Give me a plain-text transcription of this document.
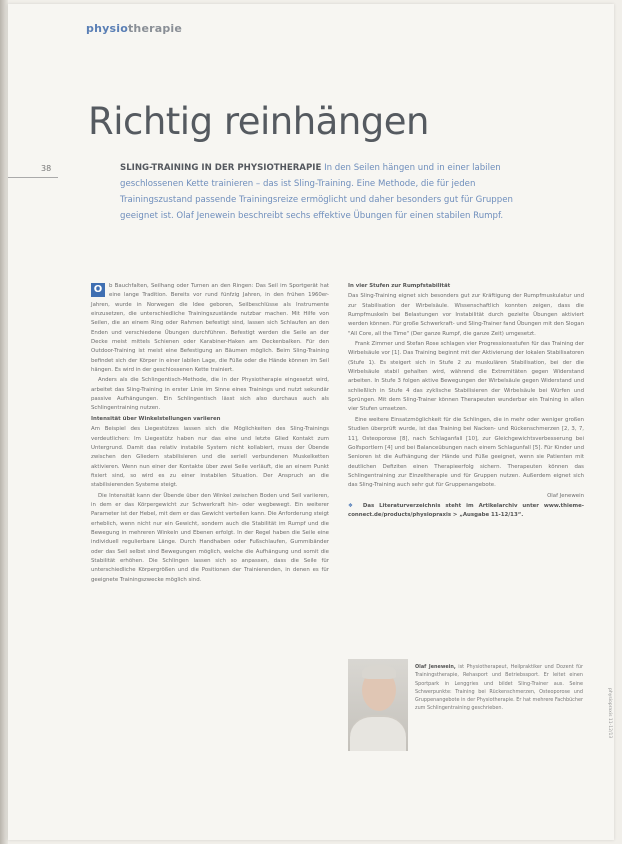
physiotherapie
Richtig reinhängen
38	SLING-TRAINING IN DER PHYSIOTHERAPIE In den Seilen hängen und in einer labilen geschlossenen Kette trainieren – das ist Sling-Training. Eine Methode, die für jeden Trainingszustand passende Trainingsreize ermöglicht und daher besonders gut für Gruppen geeignet ist. Olaf Jenewein beschreibt sechs effektive Übungen für einen stabilen Rumpf.
O	b Bauchfalten, Seilhang oder Turnen an den Ringen: Das Seil im Sportgerät hat eine lange Tradition. Bereits vor rund fünfzig Jahren, in den frühen 1960er-Jahren, wurde in Norwegen die Idee geboren, Seilbeschlüsse als Instrumente einzusetzen, die unterschiedliche Trainingszustände nutzbar machen. Mit Hilfe von Seilen, die an einem Ring oder Rahmen befestigt sind, lassen sich Schlaufen an den Enden und verschiedene Übungen durchführen. Befestigt werden die Seile an der Decke meist mittels Schienen oder Karabiner-Haken am Deckenbalken. Für den Outdoor-Training ist meist eine Befestigung an Bäumen möglich. Beim Sling-Training befindet sich der Körper in einer labilen Lage, die Füße oder die Hände können im Seil hängen. Es wird in der geschlossenen Kette trainiert.

Anders als die Schlingentisch-Methode, die in der Physiotherapie eingesetzt wird, arbeitet das Sling-Training in erster Linie im Sinne eines Trainings und nutzt sekundär passive Aufhängungen. Ein Schlingentisch lässt sich also durchaus auch als Schlingentraining nutzen.

Intensität über Winkelstellungen variieren

Am Beispiel des Liegestützes lassen sich die Möglichkeiten des Sling-Trainings verdeutlichen: Im Liegestütz haben nur das eine und letzte Glied Kontakt zum Untergrund. Damit das relativ instabile System nicht kollabiert, muss der Übende zwischen den Gliedern stabilisieren und die seriell verbundenen Muskelketten aktivieren. Wenn nun einer der Kontakte über zwei Seile verläuft, die an einem Punkt fixiert sind, so wird es zu einer instabilen Situation. Der Anspruch an die stabilisierenden Systeme steigt.

Die Intensität kann der Übende über den Winkel zwischen Boden und Seil variieren, in dem er das Körpergewicht zur Schwerkraft hin- oder wegbewegt. Ein weiterer Parameter ist der Hebel, mit dem er das Gewicht verteilen kann. Die Anforderung steigt erheblich, wenn nicht nur ein Gewicht, sondern auch die Stabilität im Rumpf und die Bewegung in mehreren Winkeln und Ebenen erfolgt. In der Regel haben die Seile eine individuell regulierbare Länge. Durch Handhaben oder Fußschlaufen, Gummibänder oder das Seil selbst sind Bewegungen möglich, welche die Aufhängung und somit die Stabilität erhöhen. Die Schlingen lassen sich so anpassen, dass die Seile für unterschiedliche Körpergrößen und die Positionen der Trainierenden, in denen es für geeignete Trainingszwecke möglich sind.

In vier Stufen zur Rumpfstabilität

Das Sling-Training eignet sich besonders gut zur Kräftigung der Rumpfmuskulatur und zur Stabilisation der Wirbelsäule. Wissenschaftlich konnten zeigen, dass die Rumpfmuskeln bei Belastungen vor Instabilität durch gezielte Übungen aktiviert werden können. Für große Schwerkraft- und Sling-Trainer fand Übungen mit den Slogan "All Core, all the Time" (Der ganze Rumpf, die ganze Zeit) umgesetzt.

Frank Zimmer und Stefan Rose schlagen vier Progressionsstufen für das Training der Wirbelsäule vor [1]. Das Training beginnt mit der Aktivierung der lokalen Stabilisatoren (Stufe 1). Es steigert sich in Stufe 2 zu muskulären Stabilisation, bei der die Wirbelsäule stabil gehalten wird, während die Extremitäten gegen Widerstand arbeiten. In Stufe 3 folgen aktive Bewegungen der Wirbelsäule gegen Widerstand und schließlich in Stufe 4 das zyklische Stabilisieren der Wirbelsäule bei Würfen und Sprüngen. Mit dem Sling-Trainer können Therapeuten wunderbar ein Training in allen vier Stufen umsetzen.

Eine weitere Einsatzmöglichkeit für die Schlingen, die in mehr oder weniger großen Studien überprüft wurde, ist das Training bei Nacken- und Rückenschmerzen [2, 3, 7, 11], Osteoporose [8], nach Schlaganfall [10], zur Gleichgewichtsverbesserung bei Golfsportlern [4] und bei Balanceübungen nach einem Schlagunfall [5]. Für Kinder und Senioren ist die Aufhängung der Hände und Füße geeignet, wenn sie Patienten mit deutlichen Defiziten einen Therapieerfolg sichern. Therapeuten können das Schlingentraining zur Einzeltherapie und für Gruppen nutzen. Außerdem eignet sich das Sling-Training auch sehr gut für Gruppenangebote.

Olaf Jenewein

❖ Das Literaturverzeichnis steht im Artikelarchiv unter www.thieme-connect.de/products/physiopraxis > „Ausgabe 11-12/13“.

Olaf Jenewein, ist Physiotherapeut, Heilpraktiker und Dozent für Trainingstherapie, Rehasport und Betriebssport. Er leitet einen Sportpark in Lenggries und bildet Sling-Trainer aus. Seine Schwerpunkte: Training bei Rückenschmerzen, Osteoporose und Gruppenangebote in der Physiotherapie. Er hat mehrere Fachbücher zum Schlingentraining geschrieben.	physiopraxis 11-12/13
